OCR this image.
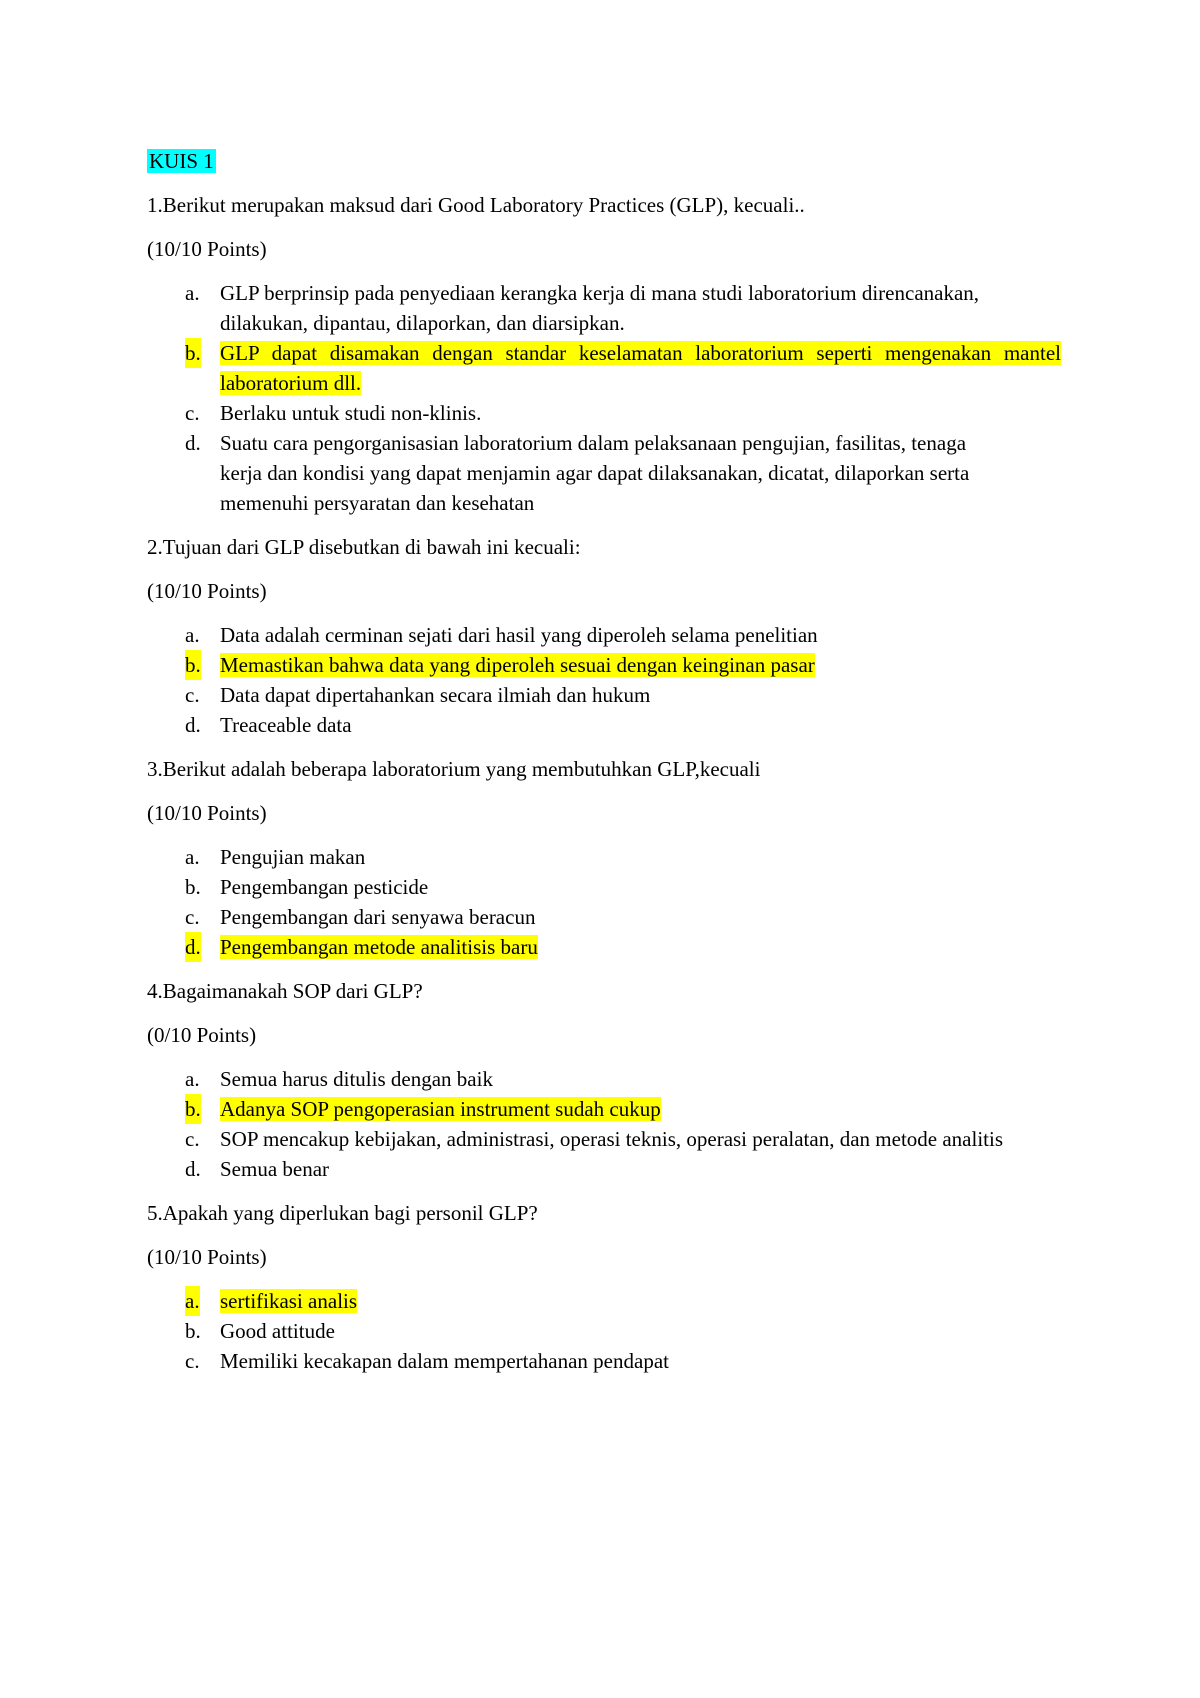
KUIS 1
1.Berikut merupakan maksud dari Good Laboratory Practices (GLP), kecuali..
(10/10 Points)
a. GLP berprinsip pada penyediaan kerangka kerja di mana studi laboratorium direncanakan,
dilakukan, dipantau, dilaporkan, dan diarsipkan.
b. GLP dapat disamakan dengan standar keselamatan laboratorium seperti mengenakan mantel laboratorium dll.
c. Berlaku untuk studi non-klinis.
d. Suatu cara pengorganisasian laboratorium dalam pelaksanaan pengujian, fasilitas, tenaga
kerja dan kondisi yang dapat menjamin agar dapat dilaksanakan, dicatat, dilaporkan serta
memenuhi persyaratan dan kesehatan
2.Tujuan dari GLP disebutkan di bawah ini kecuali:
(10/10 Points)
a. Data adalah cerminan sejati dari hasil yang diperoleh selama penelitian
b. Memastikan bahwa data yang diperoleh sesuai dengan keinginan pasar
c. Data dapat dipertahankan secara ilmiah dan hukum
d. Treaceable data
3.Berikut adalah beberapa laboratorium yang membutuhkan GLP,kecuali
(10/10 Points)
a. Pengujian makan
b. Pengembangan pesticide
c. Pengembangan dari senyawa beracun
d. Pengembangan metode analitisis baru
4.Bagaimanakah SOP dari GLP?
(0/10 Points)
a. Semua harus ditulis dengan baik
b. Adanya SOP pengoperasian instrument sudah cukup
c. SOP mencakup kebijakan, administrasi, operasi teknis, operasi peralatan, dan metode analitis
d. Semua benar
5.Apakah yang diperlukan bagi personil GLP?
(10/10 Points)
a. sertifikasi analis
b. Good attitude
c. Memiliki kecakapan dalam mempertahanan pendapat
